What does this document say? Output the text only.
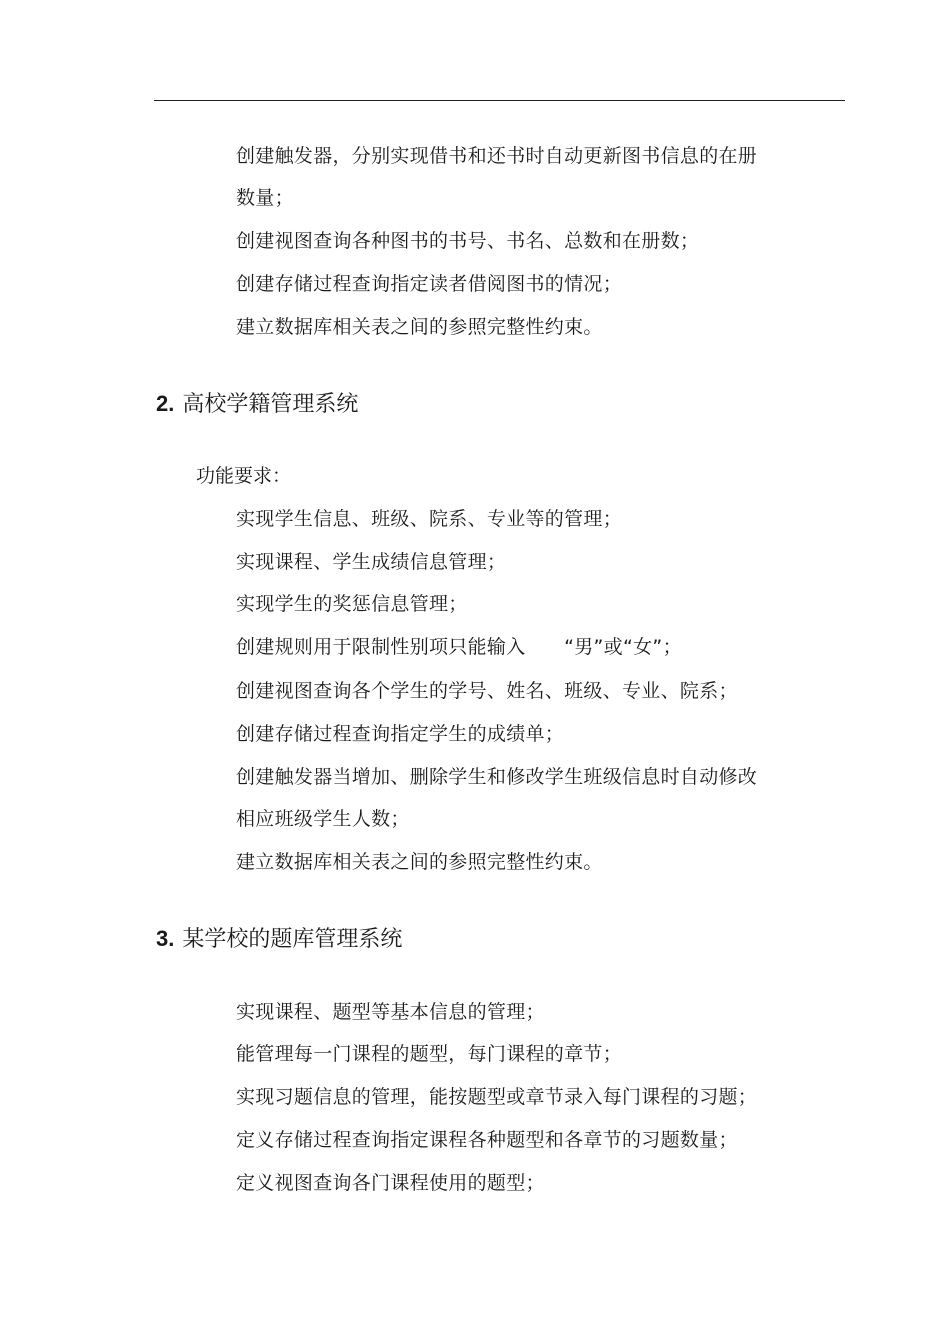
创建触发器，分别实现借书和还书时自动更新图书信息的在册
数量；
创建视图查询各种图书的书号、书名、总数和在册数；
创建存储过程查询指定读者借阅图书的情况；
建立数据库相关表之间的参照完整性约束。
2. 高校学籍管理系统
功能要求：
实现学生信息、班级、院系、专业等的管理；
实现课程、学生成绩信息管理；
实现学生的奖惩信息管理；
创建规则用于限制性别项只能输入　　“男”或“女”；
创建视图查询各个学生的学号、姓名、班级、专业、院系；
创建存储过程查询指定学生的成绩单；
创建触发器当增加、删除学生和修改学生班级信息时自动修改
相应班级学生人数；
建立数据库相关表之间的参照完整性约束。
3. 某学校的题库管理系统
实现课程、题型等基本信息的管理；
能管理每一门课程的题型，每门课程的章节；
实现习题信息的管理，能按题型或章节录入每门课程的习题；
定义存储过程查询指定课程各种题型和各章节的习题数量；
定义视图查询各门课程使用的题型；
